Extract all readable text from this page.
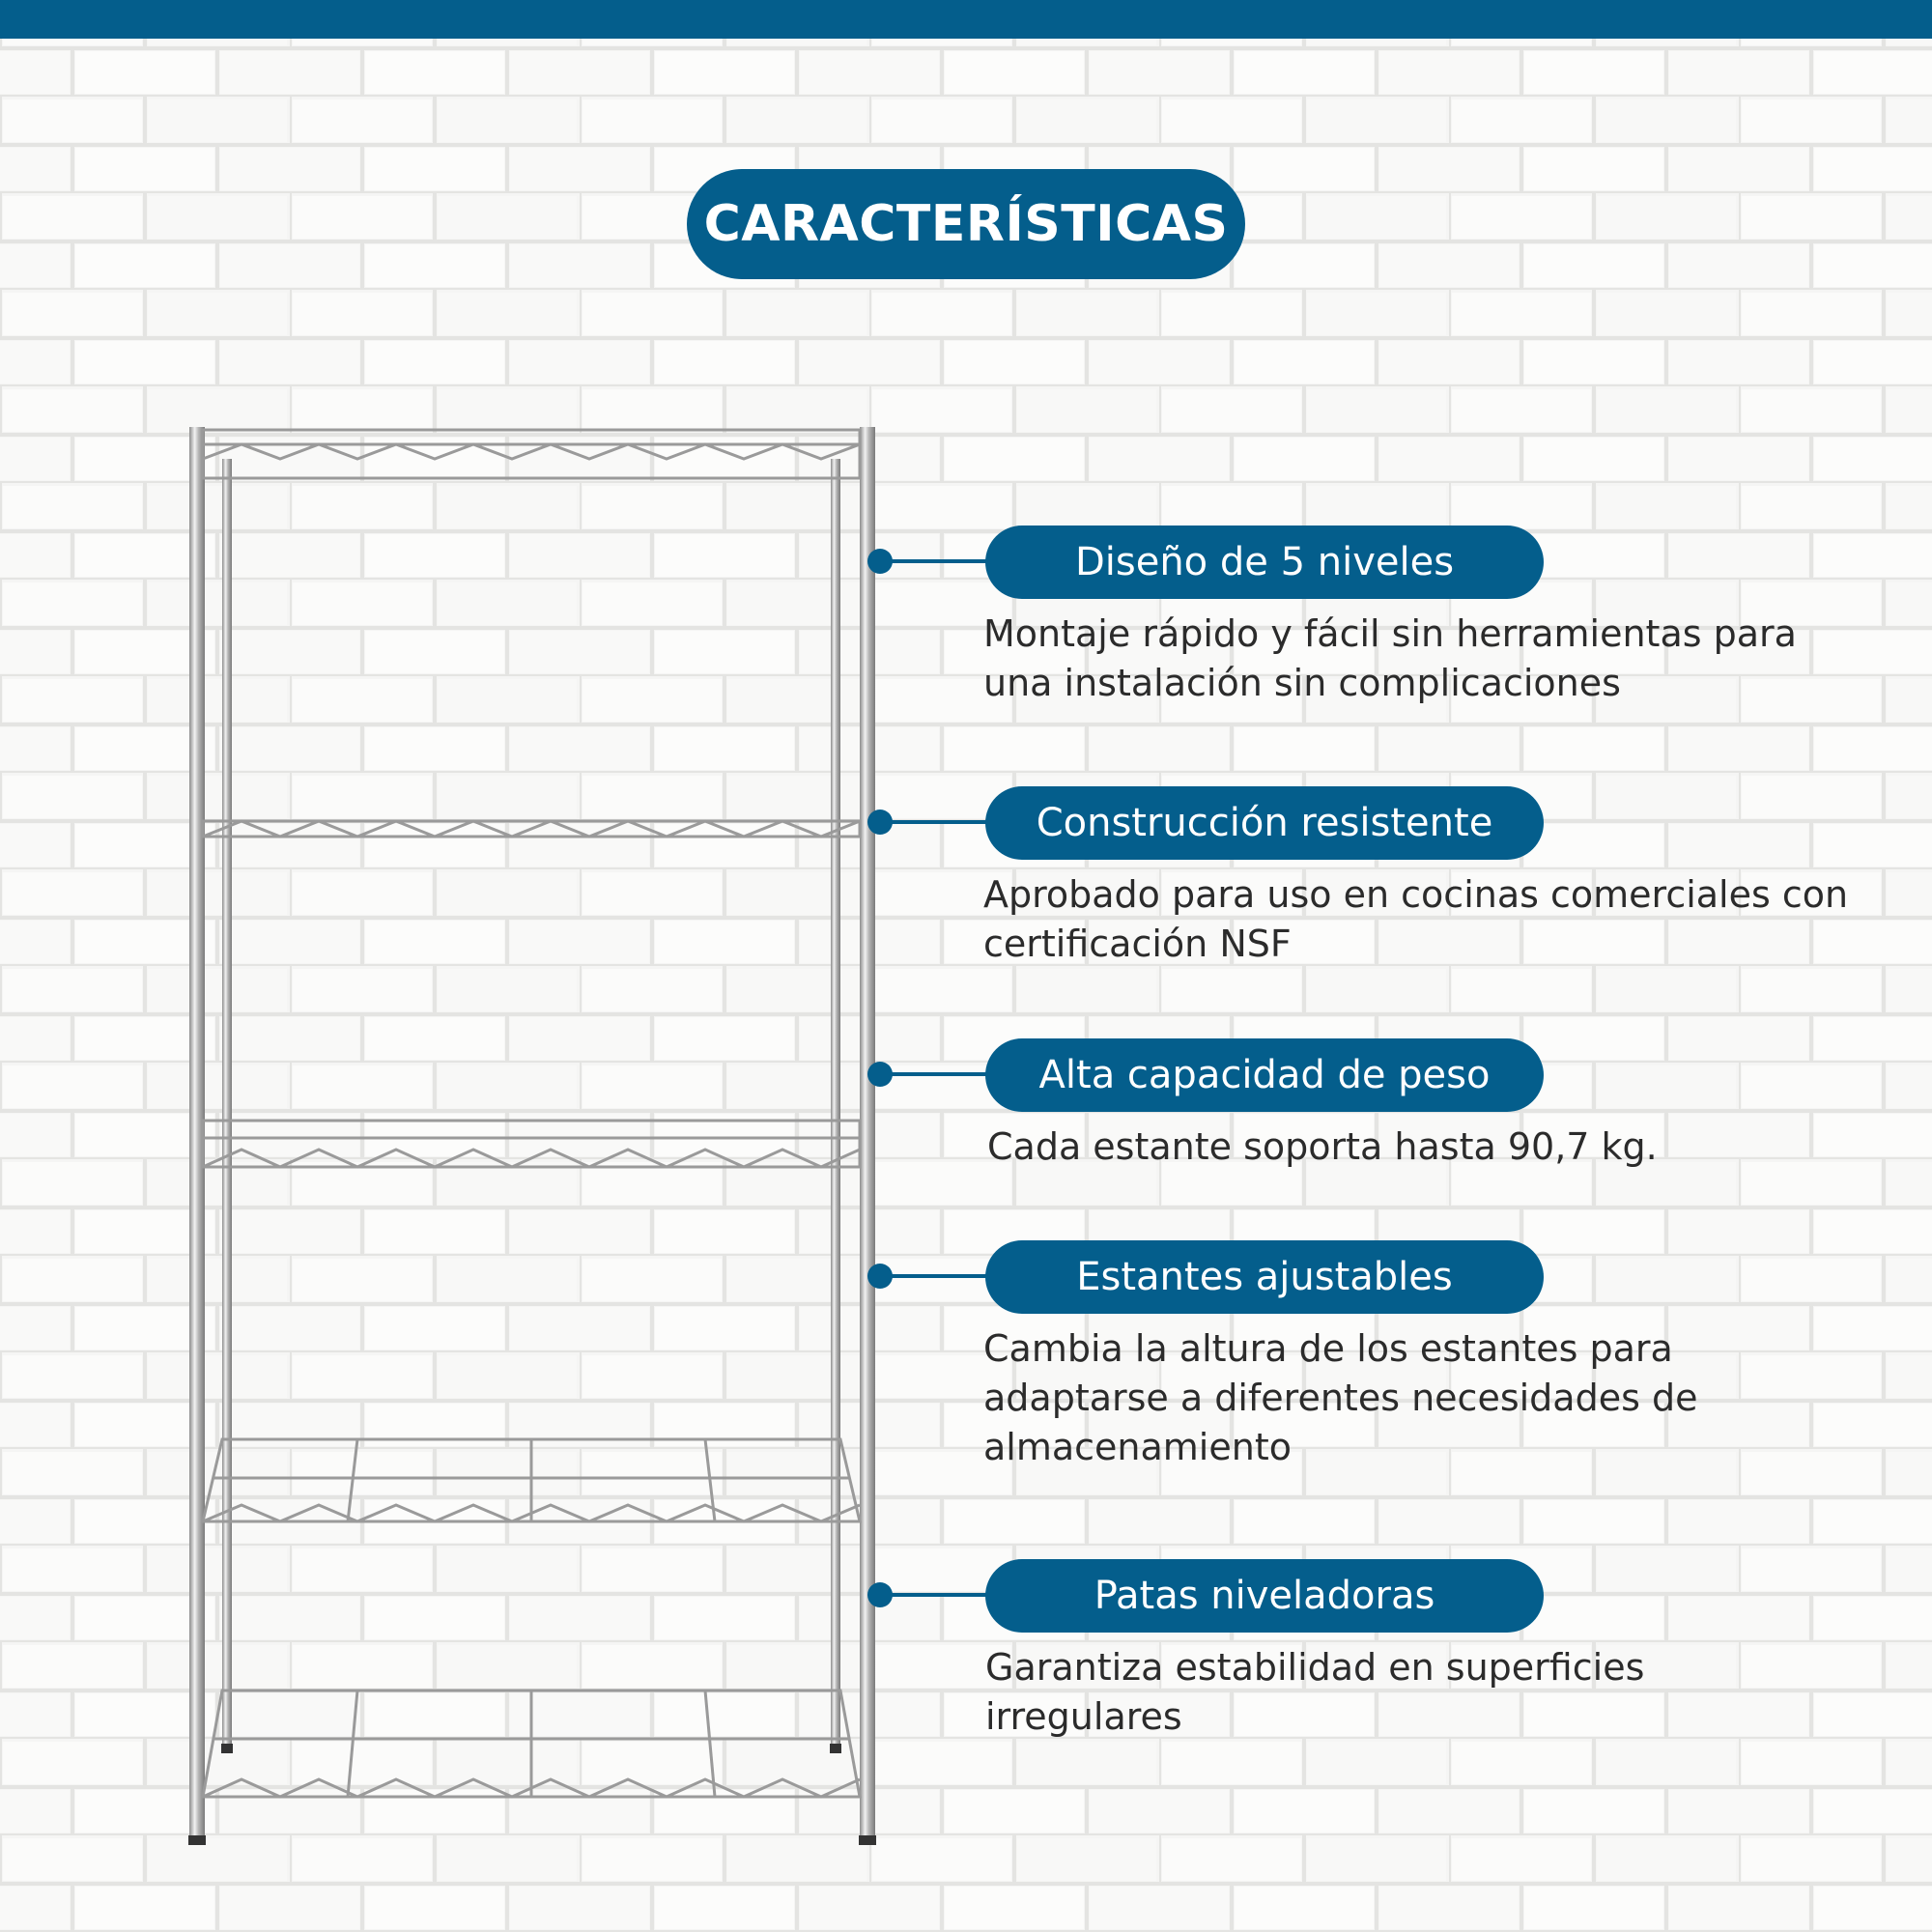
CARACTERÍSTICAS
Diseño de 5 niveles
Montaje rápido y fácil sin herramientas para una instalación sin complicaciones
Construcción resistente
Aprobado para uso en cocinas comerciales con certificación NSF
Alta capacidad de peso
Cada estante soporta hasta 90,7 kg.
Estantes ajustables
Cambia la altura de los estantes para adaptarse a diferentes necesidades de almacenamiento
Patas niveladoras
Garantiza estabilidad en superficies irregulares
